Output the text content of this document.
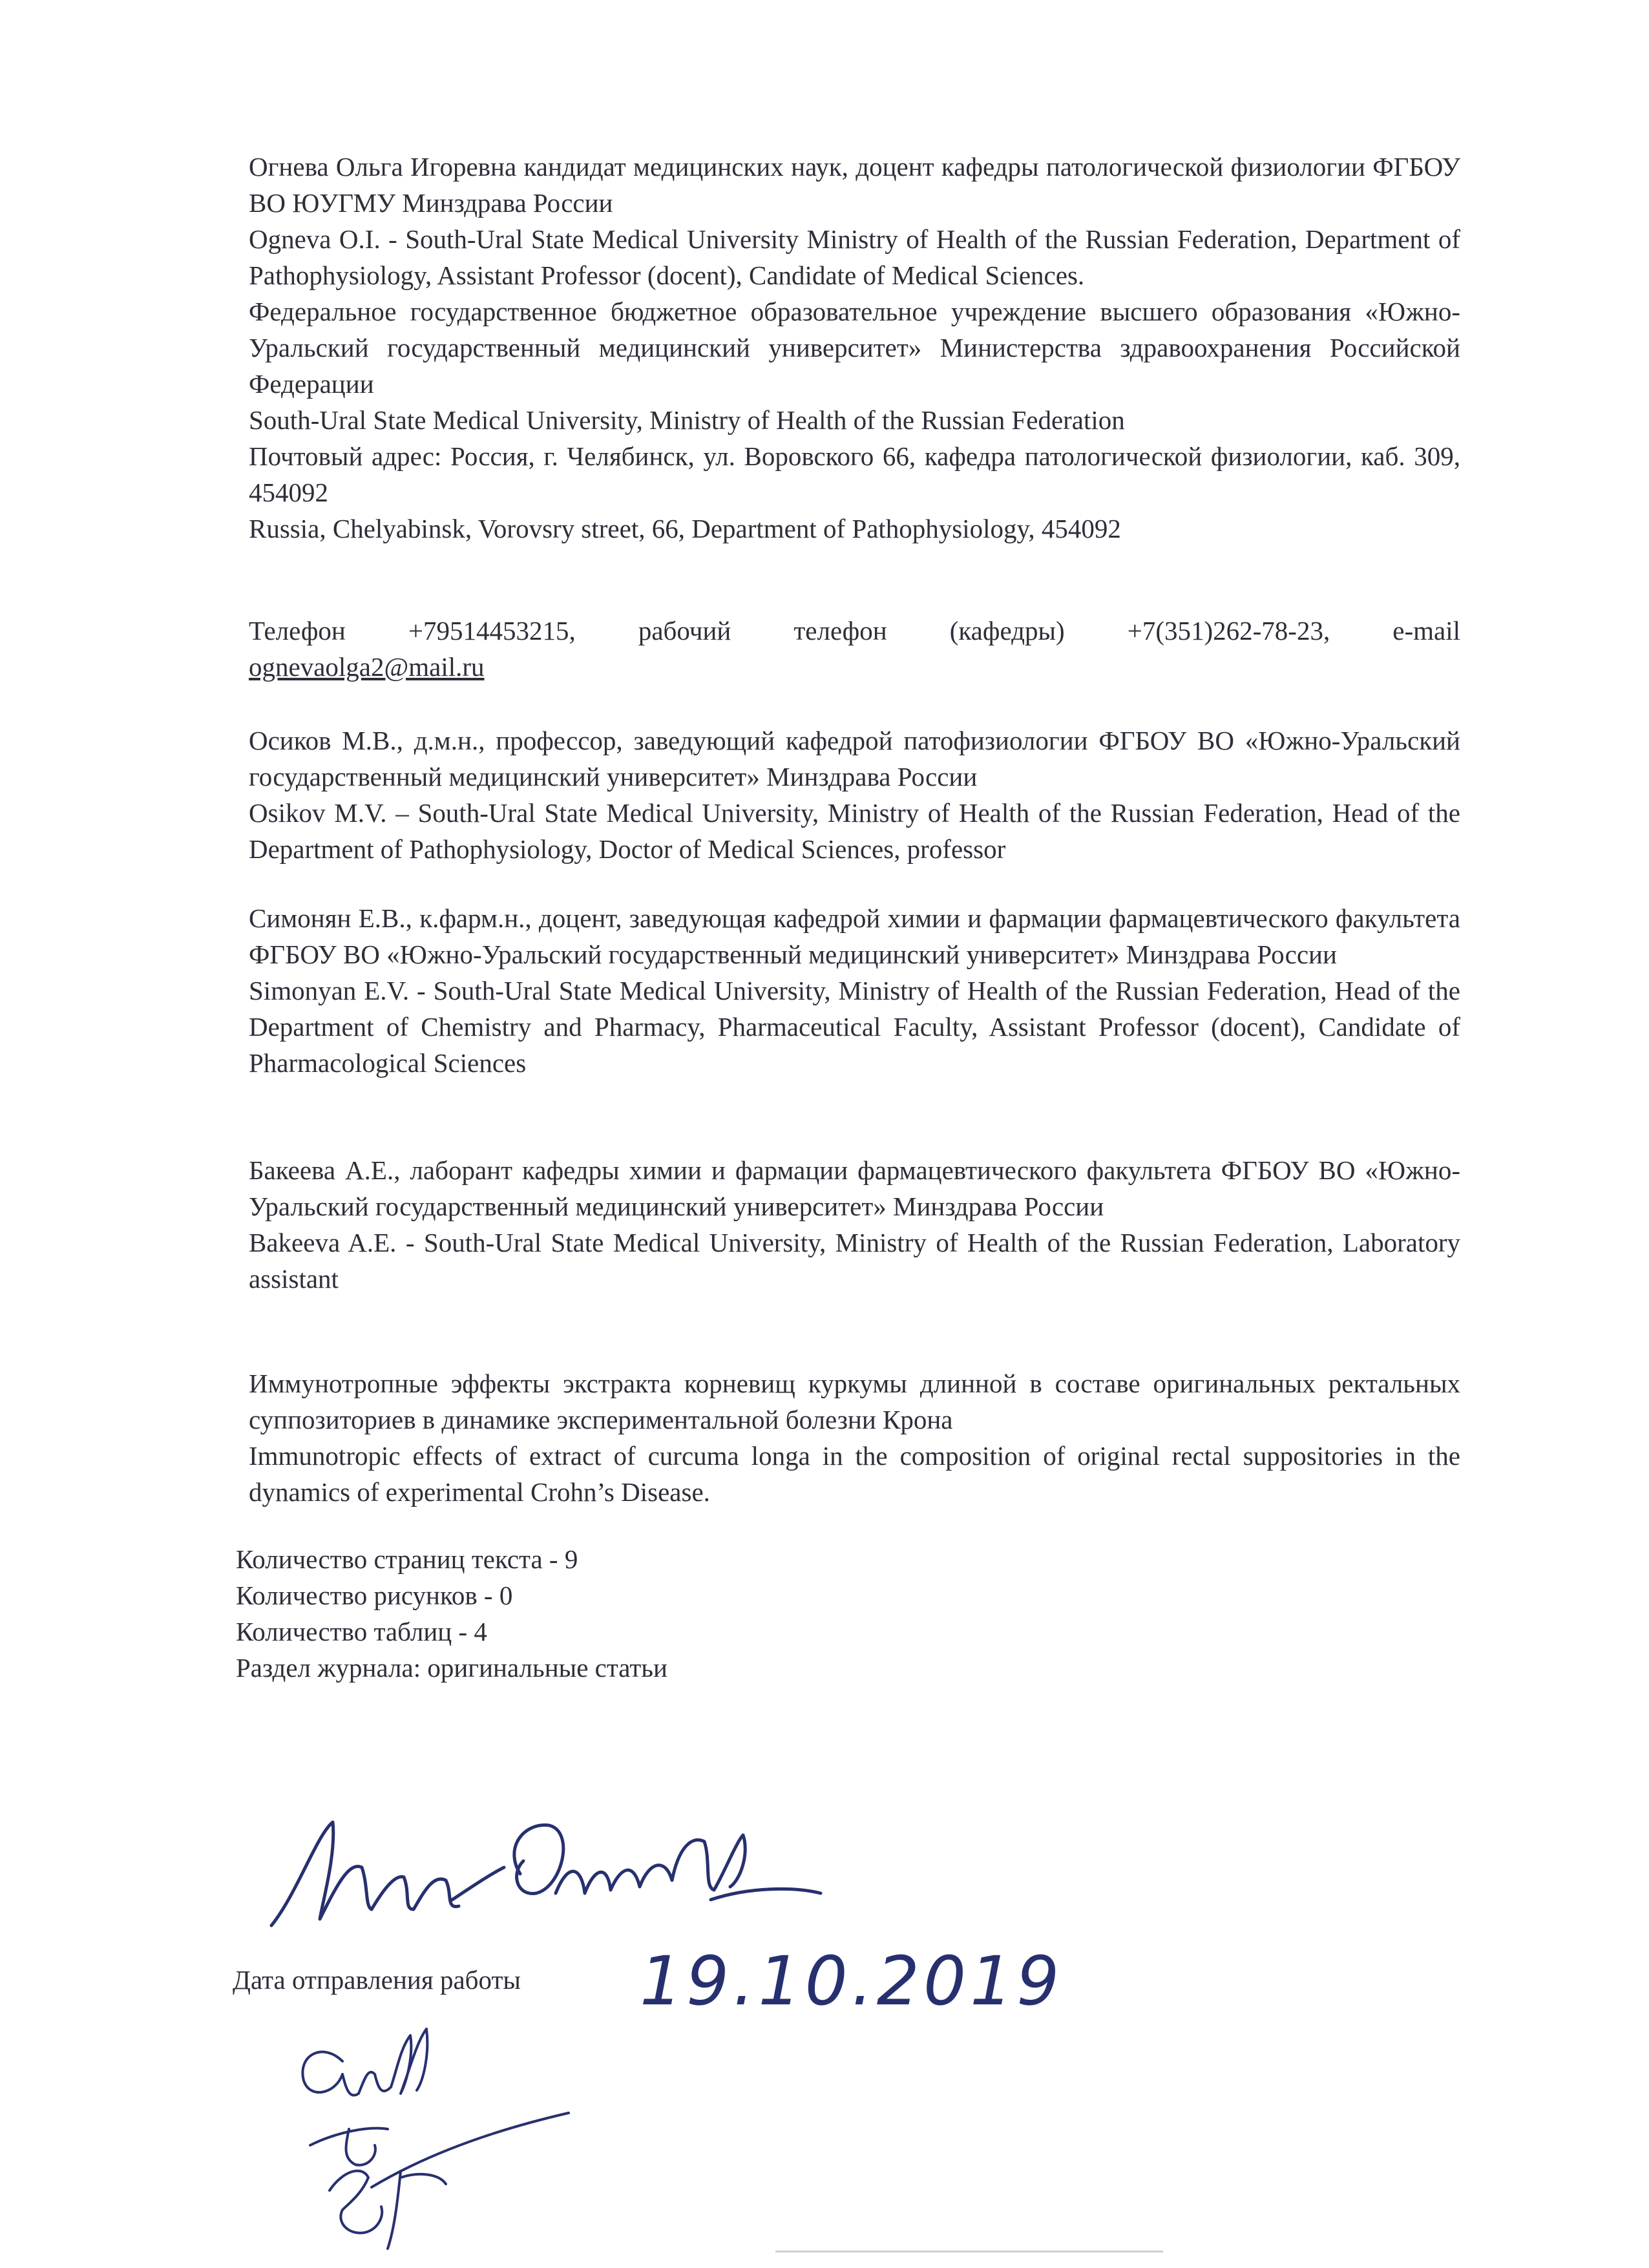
Огнева Ольга Игоревна кандидат медицинских наук, доцент кафедры патологической физиологии ФГБОУ ВО ЮУГМУ Минздрава России

Ogneva O.I. - South-Ural State Medical University Ministry of Health of the Russian Federation, Department of Pathophysiology, Assistant Professor (docent), Candidate of Medical Sciences.

Федеральное государственное бюджетное образовательное учреждение высшего образования «Южно-Уральский государственный медицинский университет» Министерства здравоохранения Российской Федерации

South-Ural State Medical University, Ministry of Health of the Russian Federation

Почтовый адрес: Россия, г. Челябинск, ул. Воровского 66, кафедра патологической физиологии, каб. 309, 454092

Russia, Chelyabinsk, Vorovsry street, 66, Department of Pathophysiology, 454092

Телефон +79514453215, рабочий телефон (кафедры) +7(351)262-78-23, e-mail

ognevaolga2@mail.ru

Осиков М.В., д.м.н., профессор, заведующий кафедрой патофизиологии ФГБОУ ВО «Южно-Уральский государственный медицинский университет» Минздрава России

Osikov M.V. – South-Ural State Medical University, Ministry of Health of the Russian Federation, Head of the Department of Pathophysiology, Doctor of Medical Sciences, professor

Симонян Е.В., к.фарм.н., доцент, заведующая кафедрой химии и фармации фармацевтического факультета ФГБОУ ВО «Южно-Уральский государственный медицинский университет» Минздрава России

Simonyan E.V. - South-Ural State Medical University, Ministry of Health of the Russian Federation, Head of the Department of Chemistry and Pharmacy, Pharmaceutical Faculty, Assistant Professor (docent), Candidate of Pharmacological Sciences

Бакеева А.Е., лаборант кафедры химии и фармации фармацевтического факультета ФГБОУ ВО «Южно-Уральский государственный медицинский университет» Минздрава России

Bakeeva A.E. - South-Ural State Medical University, Ministry of Health of the Russian Federation, Laboratory assistant

Иммунотропные эффекты экстракта корневищ куркумы длинной в составе оригинальных ректальных суппозиториев в динамике экспериментальной болезни Крона

Immunotropic effects of extract of curcuma longa in the composition of original rectal suppositories in the dynamics of experimental Crohn’s Disease.

Количество страниц текста - 9

Количество рисунков - 0

Количество таблиц - 4

Раздел журнала: оригинальные статьи

Дата отправления работы 19.10.2019
